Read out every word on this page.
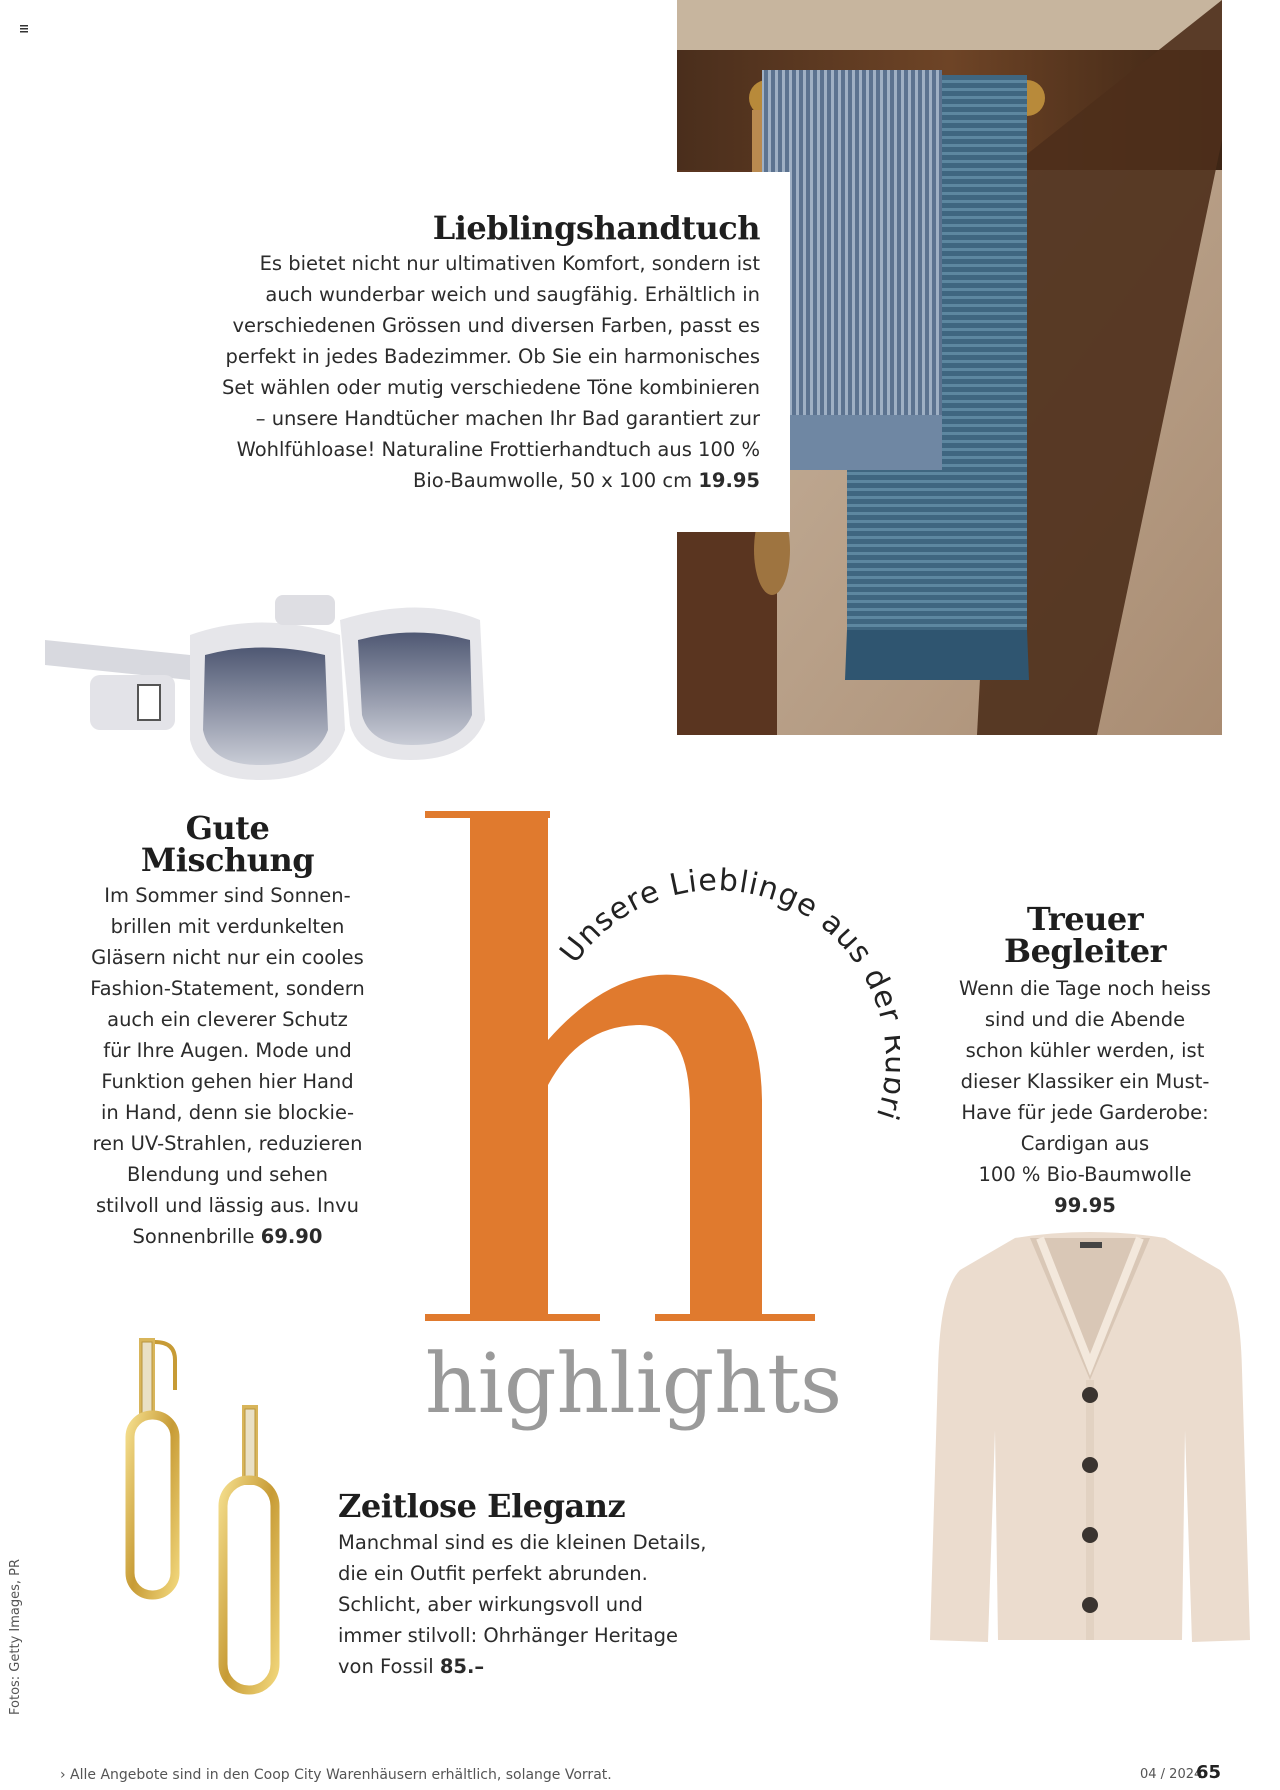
Lieblingshandtuch
Es bietet nicht nur ultimativen Komfort, sondern ist
auch wunderbar weich und saugfähig. Erhältlich in
verschiedenen Grössen und diversen Farben, passt es
perfekt in jedes Badezimmer. Ob Sie ein harmonisches
Set wählen oder mutig verschiedene Töne kombinieren
– unsere Handtücher machen Ihr Bad garantiert zur
Wohlfühloase! Naturaline Frottierhandtuch aus 100 %
Bio-Baumwolle, 50 x 100 cm 19.95
Gute
Mischung
Im Sommer sind Sonnen-
brillen mit verdunkelten
Gläsern nicht nur ein cooles
Fashion-Statement, sondern
auch ein cleverer Schutz
für Ihre Augen. Mode und
Funktion gehen hier Hand
in Hand, denn sie blockie-
ren UV-Strahlen, reduzieren
Blendung und sehen
stilvoll und lässig aus. Invu
Sonnenbrille 69.90
Unsere Lieblinge aus d
highlights
Treuer
Begleiter
Wenn die Tage noch heiss
sind und die Abende
schon kühler werden, ist
dieser Klassiker ein Must-
Have für jede Garderobe:
Cardigan aus
100 % Bio-Baumwolle
99.95
Zeitlose Eleganz
Manchmal sind es die kleinen Details,
die ein Outfit perfekt abrunden.
Schlicht, aber wirkungsvoll und
immer stilvoll: Ohrhänger Heritage
von Fossil 85.–
Fotos: Getty Images, PR
› Alle Angebote sind in den Coop City Warenhäusern erhältlich, solange Vorrat.	04 / 2024
65
